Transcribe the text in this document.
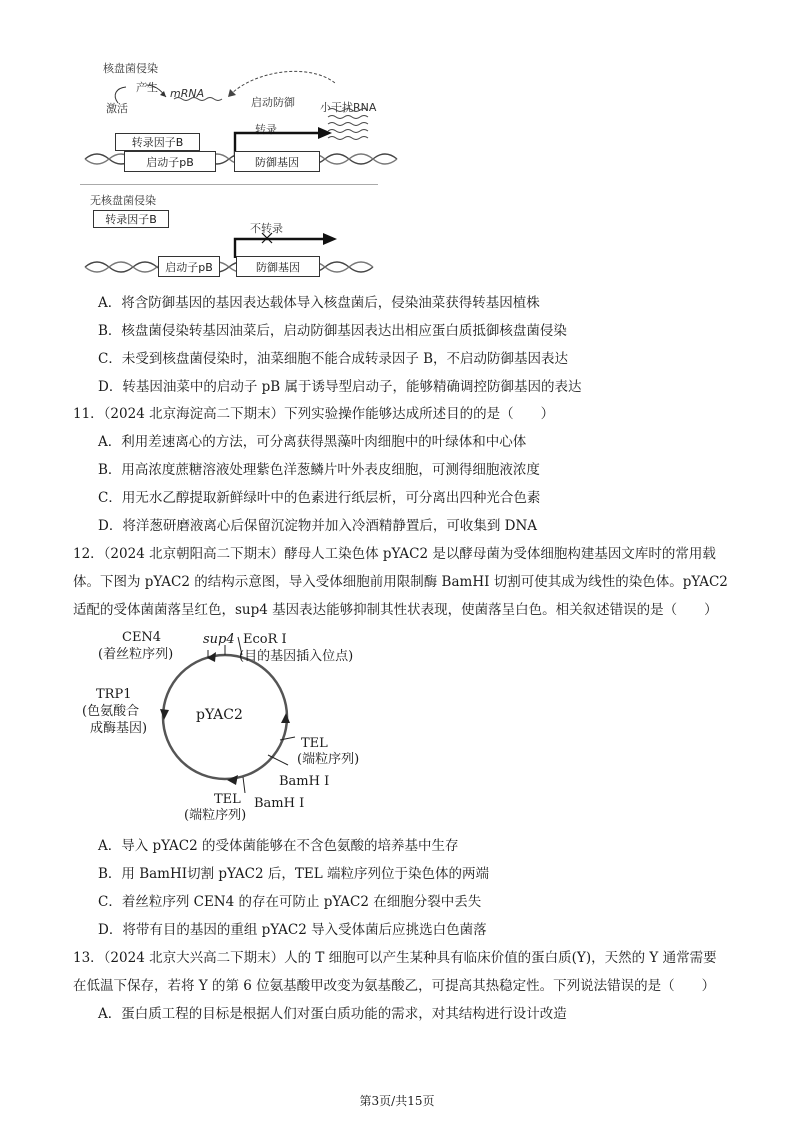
核盘菌侵染
产生
激活
mRNA
启动防御 小干扰RNA
转录
转录因子B
启动子pB	防御基因
无核盘菌侵染
不转录
转录因子B
启动子pB	防御基因
A．将含防御基因的基因表达载体导入核盘菌后，侵染油菜获得转基因植株
B．核盘菌侵染转基因油菜后，启动防御基因表达出相应蛋白质抵御核盘菌侵染
C．未受到核盘菌侵染时，油菜细胞不能合成转录因子 B，不启动防御基因表达
D．转基因油菜中的启动子 pB 属于诱导型启动子，能够精确调控防御基因的表达
11．（2024 北京海淀高二下期末）下列实验操作能够达成所述目的的是（　　）
A．利用差速离心的方法，可分离获得黑藻叶肉细胞中的叶绿体和中心体
B．用高浓度蔗糖溶液处理紫色洋葱鳞片叶外表皮细胞，可测得细胞液浓度
C．用无水乙醇提取新鲜绿叶中的色素进行纸层析，可分离出四种光合色素
D．将洋葱研磨液离心后保留沉淀物并加入冷酒精静置后，可收集到 DNA
12．（2024 北京朝阳高二下期末）酵母人工染色体 pYAC2 是以酵母菌为受体细胞构建基因文库时的常用载
体。下图为 pYAC2 的结构示意图，导入受体细胞前用限制酶 BamHI 切割可使其成为线性的染色体。pYAC2
适配的受体菌菌落呈红色，sup4 基因表达能够抑制其性状表现，使菌落呈白色。相关叙述错误的是（　　）
CEN4
(着丝粒序列)
sup4 EcoR Ⅰ
(目的基因插入位点)
TRP1
(色氨酸合
成酶基因)
pYAC2
TEL
(端粒序列)
BamH Ⅰ
TEL BamH Ⅰ
(端粒序列)
A．导入 pYAC2 的受体菌能够在不含色氨酸的培养基中生存
B．用 BamHI切割 pYAC2 后，TEL 端粒序列位于染色体的两端
C．着丝粒序列 CEN4 的存在可防止 pYAC2 在细胞分裂中丢失
D．将带有目的基因的重组 pYAC2 导入受体菌后应挑选白色菌落
13．（2024 北京大兴高二下期末）人的 T 细胞可以产生某种具有临床价值的蛋白质(Y)，天然的 Y 通常需要
在低温下保存，若将 Y 的第 6 位氨基酸甲改变为氨基酸乙，可提高其热稳定性。下列说法错误的是（　　）
A．蛋白质工程的目标是根据人们对蛋白质功能的需求，对其结构进行设计改造
第3页/共15页
